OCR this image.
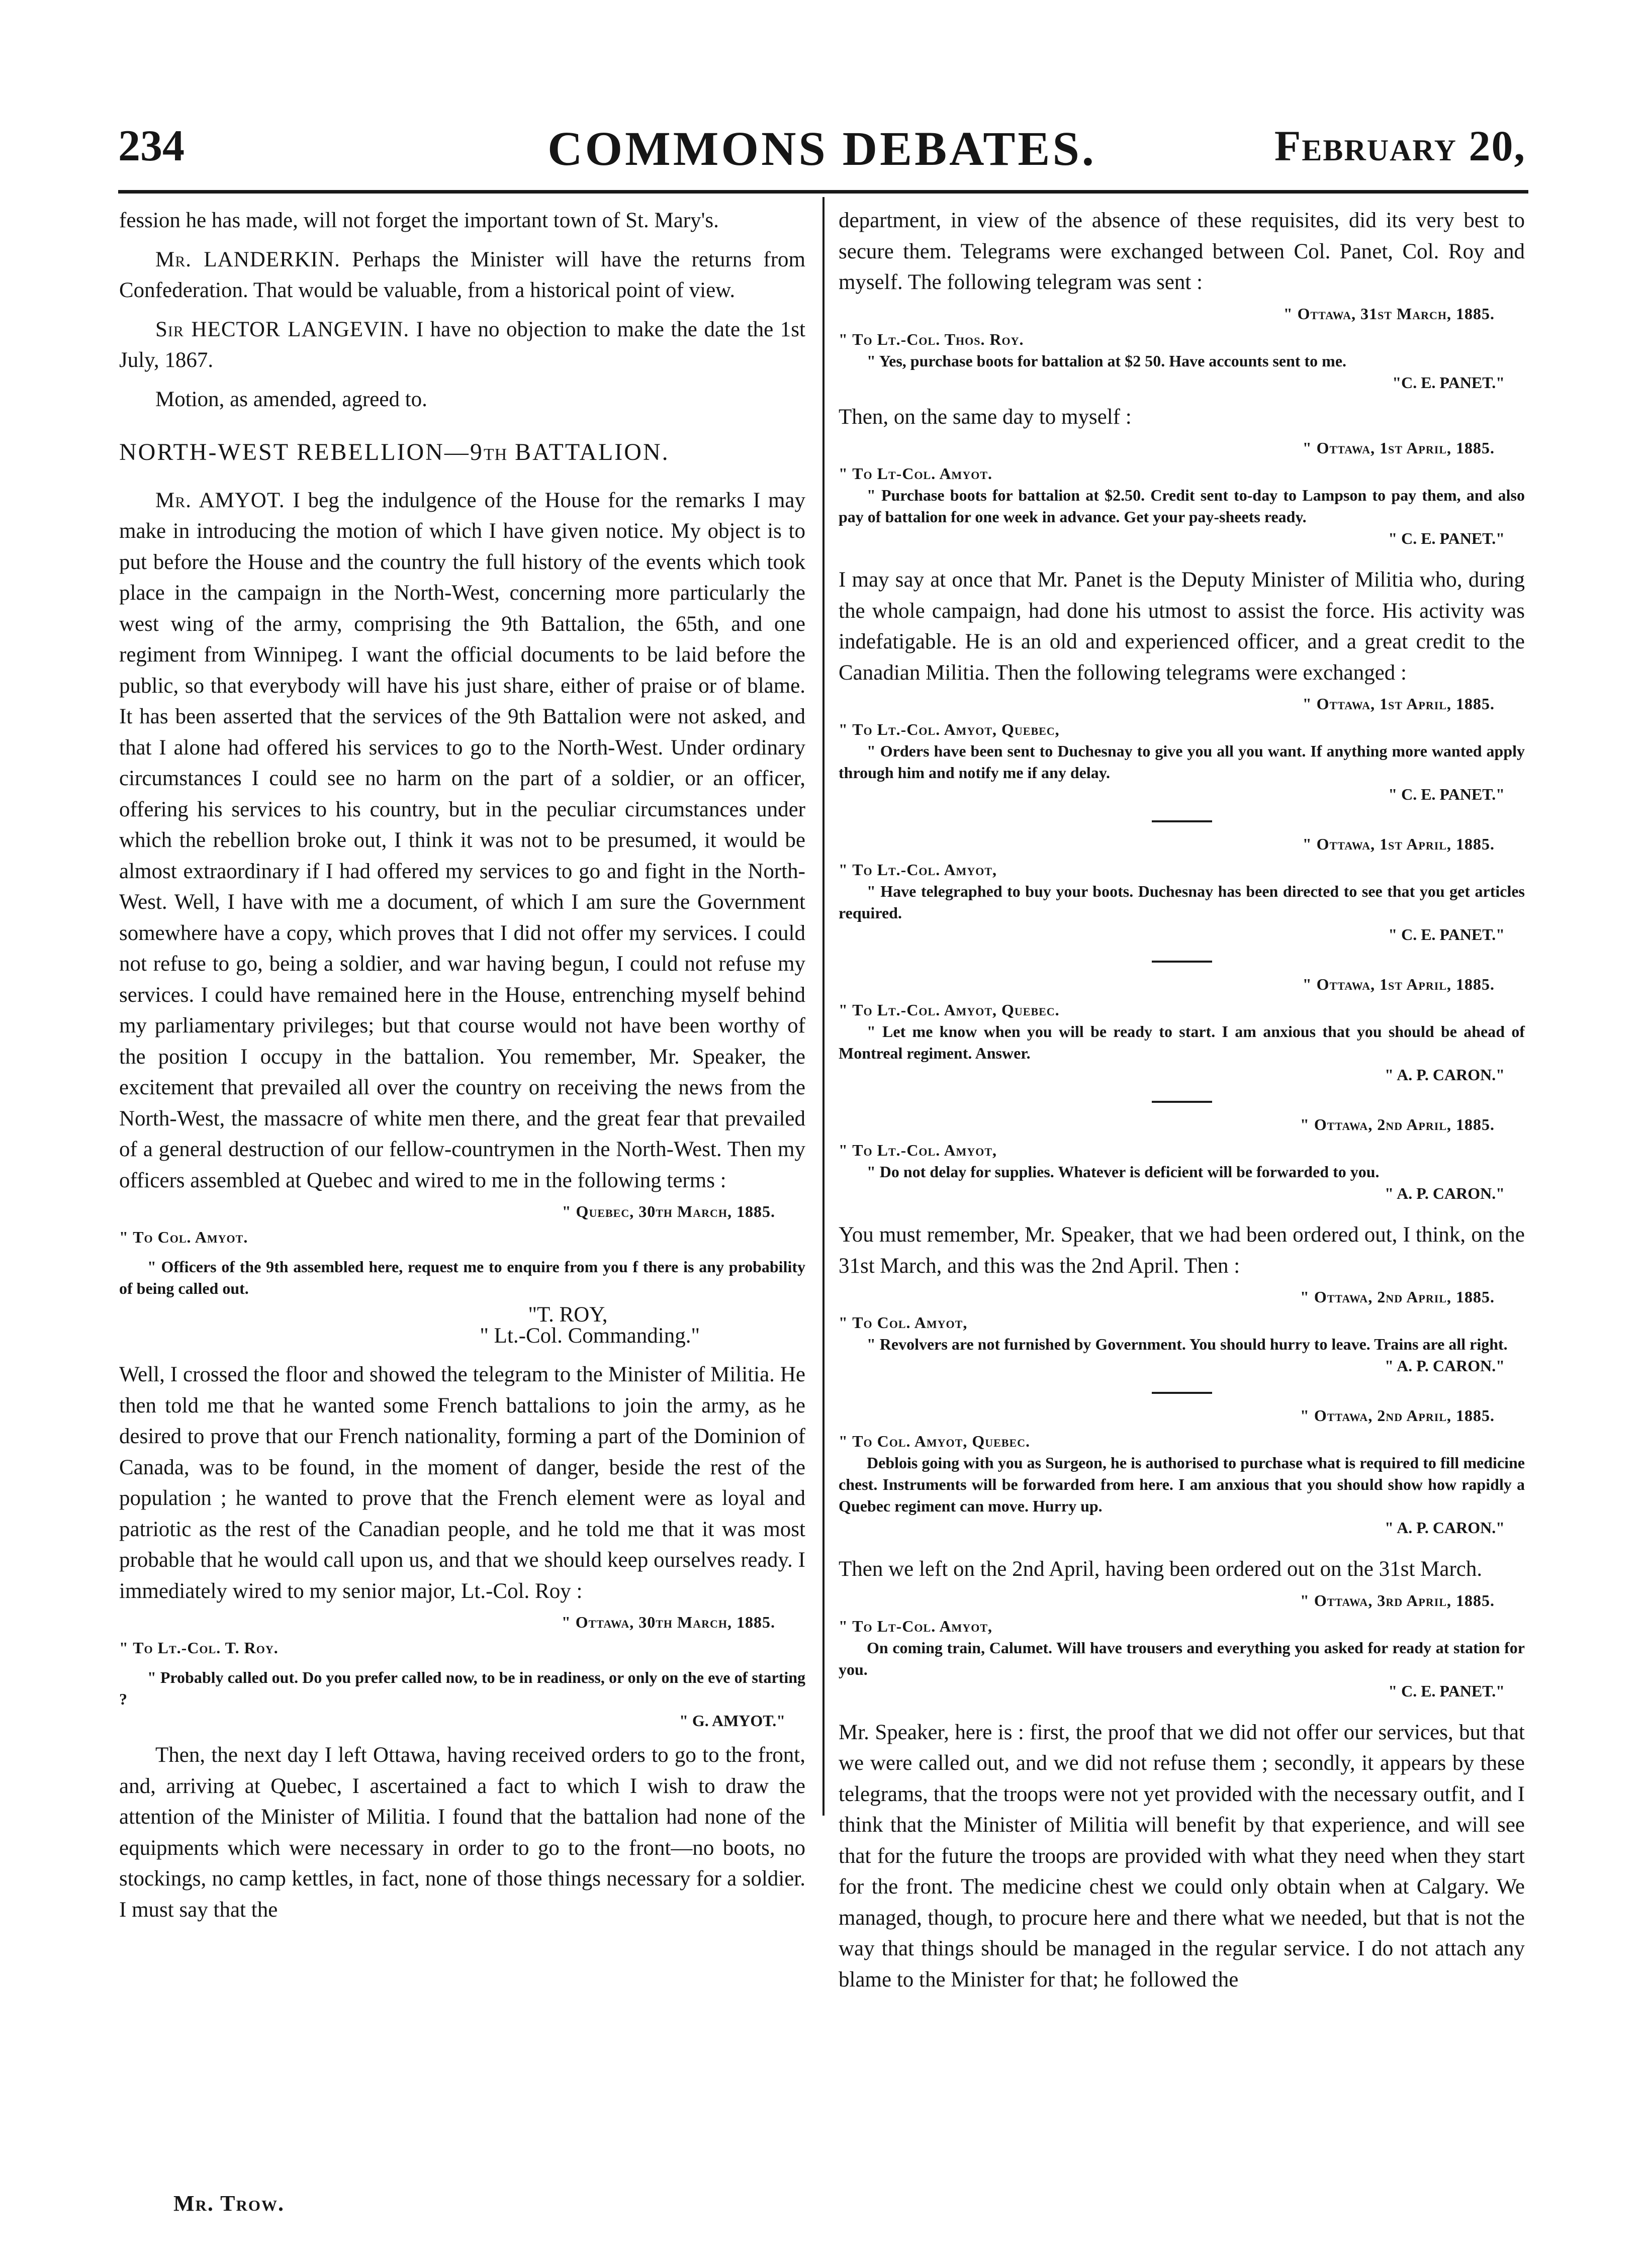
234	COMMONS DEBATES.	February 20,

fession he has made, will not forget the important town of St. Mary's.

Mr. LANDERKIN. Perhaps the Minister will have the returns from Confederation. That would be valuable, from a historical point of view.

Sir HECTOR LANGEVIN. I have no objection to make the date the 1st July, 1867.

Motion, as amended, agreed to.

NORTH-WEST REBELLION—9th BATTALION.

Mr. AMYOT. I beg the indulgence of the House for the remarks I may make in introducing the motion of which I have given notice. My object is to put before the House and the country the full history of the events which took place in the campaign in the North-West, concerning more particularly the west wing of the army, comprising the 9th Battalion, the 65th, and one regiment from Winnipeg. I want the official documents to be laid before the public, so that everybody will have his just share, either of praise or of blame. It has been asserted that the services of the 9th Battalion were not asked, and that I alone had offered his services to go to the North-West. Under ordinary circumstances I could see no harm on the part of a soldier, or an officer, offering his services to his country, but in the peculiar circumstances under which the rebellion broke out, I think it was not to be presumed, it would be almost extraordinary if I had offered my services to go and fight in the North-West. Well, I have with me a document, of which I am sure the Government somewhere have a copy, which proves that I did not offer my services. I could not refuse to go, being a soldier, and war having begun, I could not refuse my services. I could have remained here in the House, entrenching myself behind my parliamentary privileges; but that course would not have been worthy of the position I occupy in the battalion. You remember, Mr. Speaker, the excitement that prevailed all over the country on receiving the news from the North-West, the massacre of white men there, and the great fear that prevailed of a general destruction of our fellow-countrymen in the North-West. Then my officers assembled at Quebec and wired to me in the following terms :

" Quebec, 30th March, 1885.

" To Col. Amyot.

" Officers of the 9th assembled here, request me to enquire from you f there is any probability of being called out.

"T. ROY,

" Lt.-Col. Commanding."

Well, I crossed the floor and showed the telegram to the Minister of Militia. He then told me that he wanted some French battalions to join the army, as he desired to prove that our French nationality, forming a part of the Dominion of Canada, was to be found, in the moment of danger, beside the rest of the population ; he wanted to prove that the French element were as loyal and patriotic as the rest of the Canadian people, and he told me that it was most probable that he would call upon us, and that we should keep ourselves ready. I immediately wired to my senior major, Lt.-Col. Roy :

" Ottawa, 30th March, 1885.

" To Lt.-Col. T. Roy.

" Probably called out. Do you prefer called now, to be in readiness, or only on the eve of starting ?

" G. AMYOT."

Then, the next day I left Ottawa, having received orders to go to the front, and, arriving at Quebec, I ascertained a fact to which I wish to draw the attention of the Minister of Militia. I found that the battalion had none of the equipments which were necessary in order to go to the front—no boots, no stockings, no camp kettles, in fact, none of those things necessary for a soldier. I must say that the

Mr. Trow.

department, in view of the absence of these requisites, did its very best to secure them. Telegrams were exchanged between Col. Panet, Col. Roy and myself. The following telegram was sent :

" Ottawa, 31st March, 1885.

" To Lt.-Col. Thos. Roy.

" Yes, purchase boots for battalion at $2 50. Have accounts sent to me.

"C. E. PANET."

Then, on the same day to myself :

" Ottawa, 1st April, 1885.

" To Lt-Col. Amyot.

" Purchase boots for battalion at $2.50. Credit sent to-day to Lampson to pay them, and also pay of battalion for one week in advance. Get your pay-sheets ready.

" C. E. PANET."

I may say at once that Mr. Panet is the Deputy Minister of Militia who, during the whole campaign, had done his utmost to assist the force. His activity was indefatigable. He is an old and experienced officer, and a great credit to the Canadian Militia. Then the following telegrams were exchanged :

" Ottawa, 1st April, 1885.

" To Lt.-Col. Amyot, Quebec,

" Orders have been sent to Duchesnay to give you all you want. If anything more wanted apply through him and notify me if any delay.

" C. E. PANET."

" Ottawa, 1st April, 1885.

" To Lt.-Col. Amyot,

" Have telegraphed to buy your boots. Duchesnay has been directed to see that you get articles required.

" C. E. PANET."

" Ottawa, 1st April, 1885.

" To Lt.-Col. Amyot, Quebec.

" Let me know when you will be ready to start. I am anxious that you should be ahead of Montreal regiment. Answer.

" A. P. CARON."

" Ottawa, 2nd April, 1885.

" To Lt.-Col. Amyot,

" Do not delay for supplies. Whatever is deficient will be forwarded to you.

" A. P. CARON."

You must remember, Mr. Speaker, that we had been ordered out, I think, on the 31st March, and this was the 2nd April. Then :

" Ottawa, 2nd April, 1885.

" To Col. Amyot,

" Revolvers are not furnished by Government. You should hurry to leave. Trains are all right.

" A. P. CARON."

" Ottawa, 2nd April, 1885.

" To Col. Amyot, Quebec.

Deblois going with you as Surgeon, he is authorised to purchase what is required to fill medicine chest. Instruments will be forwarded from here. I am anxious that you should show how rapidly a Quebec regiment can move. Hurry up.

" A. P. CARON."

Then we left on the 2nd April, having been ordered out on the 31st March.

" Ottawa, 3rd April, 1885.

" To Lt-Col. Amyot,

On coming train, Calumet. Will have trousers and everything you asked for ready at station for you.

" C. E. PANET."

Mr. Speaker, here is : first, the proof that we did not offer our services, but that we were called out, and we did not refuse them ; secondly, it appears by these telegrams, that the troops were not yet provided with the necessary outfit, and I think that the Minister of Militia will benefit by that experience, and will see that for the future the troops are provided with what they need when they start for the front. The medicine chest we could only obtain when at Calgary. We managed, though, to procure here and there what we needed, but that is not the way that things should be managed in the regular service. I do not attach any blame to the Minister for that; he followed the
